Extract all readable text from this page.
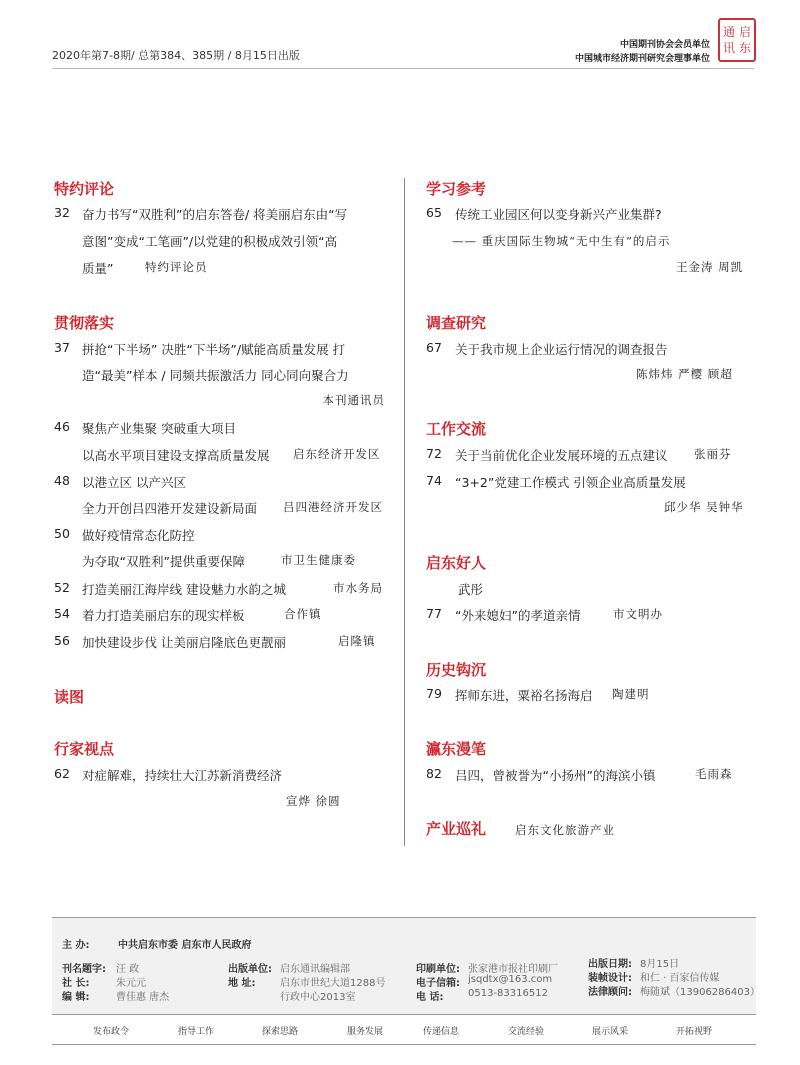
2020年第7-8期/ 总第384、385期 / 8月15日出版
中国期刊协会会员单位
中国城市经济期刊研究会理事单位
通 启
讯 东
特约评论
32 奋力书写“双胜利”的启东答卷/ 将美丽启东由“写
意图”变成“工笔画”/以党建的积极成效引领“高
质量”	特约评论员
贯彻落实
37 拼抢“下半场” 决胜“下半场”/赋能高质量发展 打
造“最美”样本 / 同频共振激活力 同心同向聚合力
本刊通讯员
46 聚焦产业集聚 突破重大项目
以高水平项目建设支撑高质量发展 启东经济开发区
48 以港立区 以产兴区
全力开创吕四港开发建设新局面 吕四港经济开发区
50 做好疫情常态化防控
为夺取“双胜利”提供重要保障	市卫生健康委
52 打造美丽江海岸线 建设魅力水韵之城	市水务局
54 着力打造美丽启东的现实样板	合作镇
56 加快建设步伐 让美丽启隆底色更靓丽	启隆镇
读图
行家视点
62 对症解难，持续壮大江苏新消费经济
宣烨 徐圆
学习参考
65 传统工业园区何以变身新兴产业集群?
—— 重庆国际生物城“无中生有”的启示
王金涛 周凯
调查研究
67 关于我市规上企业运行情况的调查报告
陈炜炜 严樱 顾超
工作交流
72 关于当前优化企业发展环境的五点建议 张丽芬
74 “3+2”党建工作模式 引领企业高质量发展
邱少华 吴钟华
启东好人
武彤
77 “外来媳妇”的孝道亲情	市文明办
历史钩沉
79 挥师东进，粟裕名扬海启 陶建明
瀛东漫笔
82 吕四，曾被誉为“小扬州”的海滨小镇	毛雨森
产业巡礼	启东文化旅游产业
主 办:	中共启东市委 启东市人民政府
刊名题字: 汪 政
社 长:	朱元元
编 辑:	曹佳惠 唐杰
出版单位: 启东通讯编辑部
地 址: 启东市世纪大道1288号
行政中心2013室
印刷单位: 张家港市报社印刷厂
电子信箱: jsqdtx@163.com
电 话: 0513-83316512
出版日期: 8月15日
装帧设计: 和仁 · 百家信传媒
法律顾问: 梅随斌（13906286403）
发布政令	指导工作	探索思路	服务发展	传递信息	交流经验	展示风采	开拓视野
